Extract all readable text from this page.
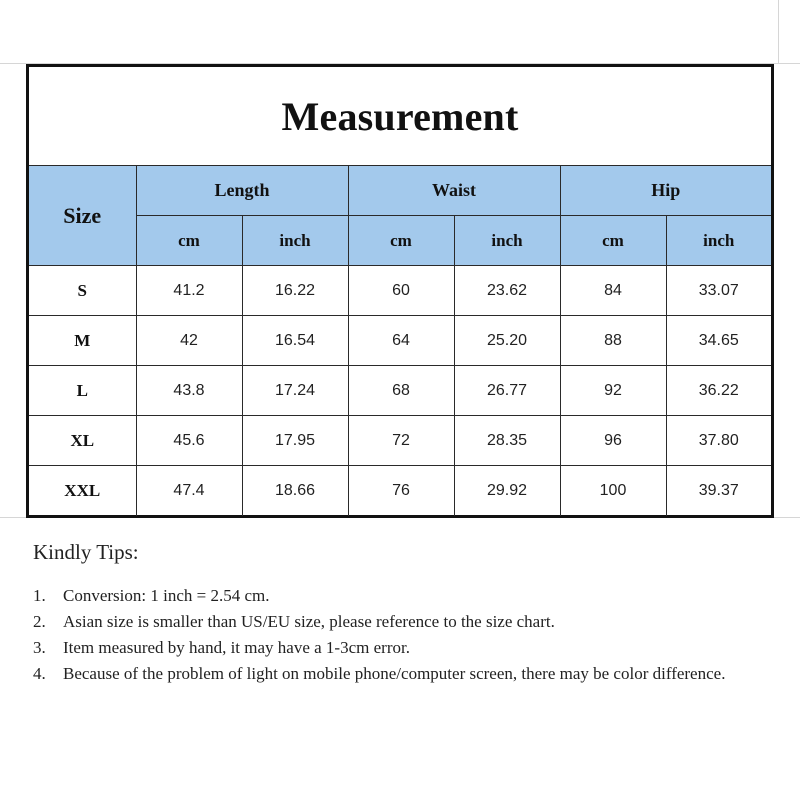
Measurement						
Size	Length		Waist		Hip	
	cm	inch	cm	inch	cm	inch
S	41.2	16.22	60	23.62	84	33.07
M	42	16.54	64	25.20	88	34.65
L	43.8	17.24	68	26.77	92	36.22
XL	45.6	17.95	72	28.35	96	37.80
XXL	47.4	18.66	76	29.92	100	39.37
Kindly Tips:
1.	Conversion: 1 inch = 2.54 cm.
2.	Asian size is smaller than US/EU size, please reference to the size chart.
3.	Item measured by hand, it may have a 1-3cm error.
4.	Because of the problem of light on mobile phone/computer screen, there may be color difference.
